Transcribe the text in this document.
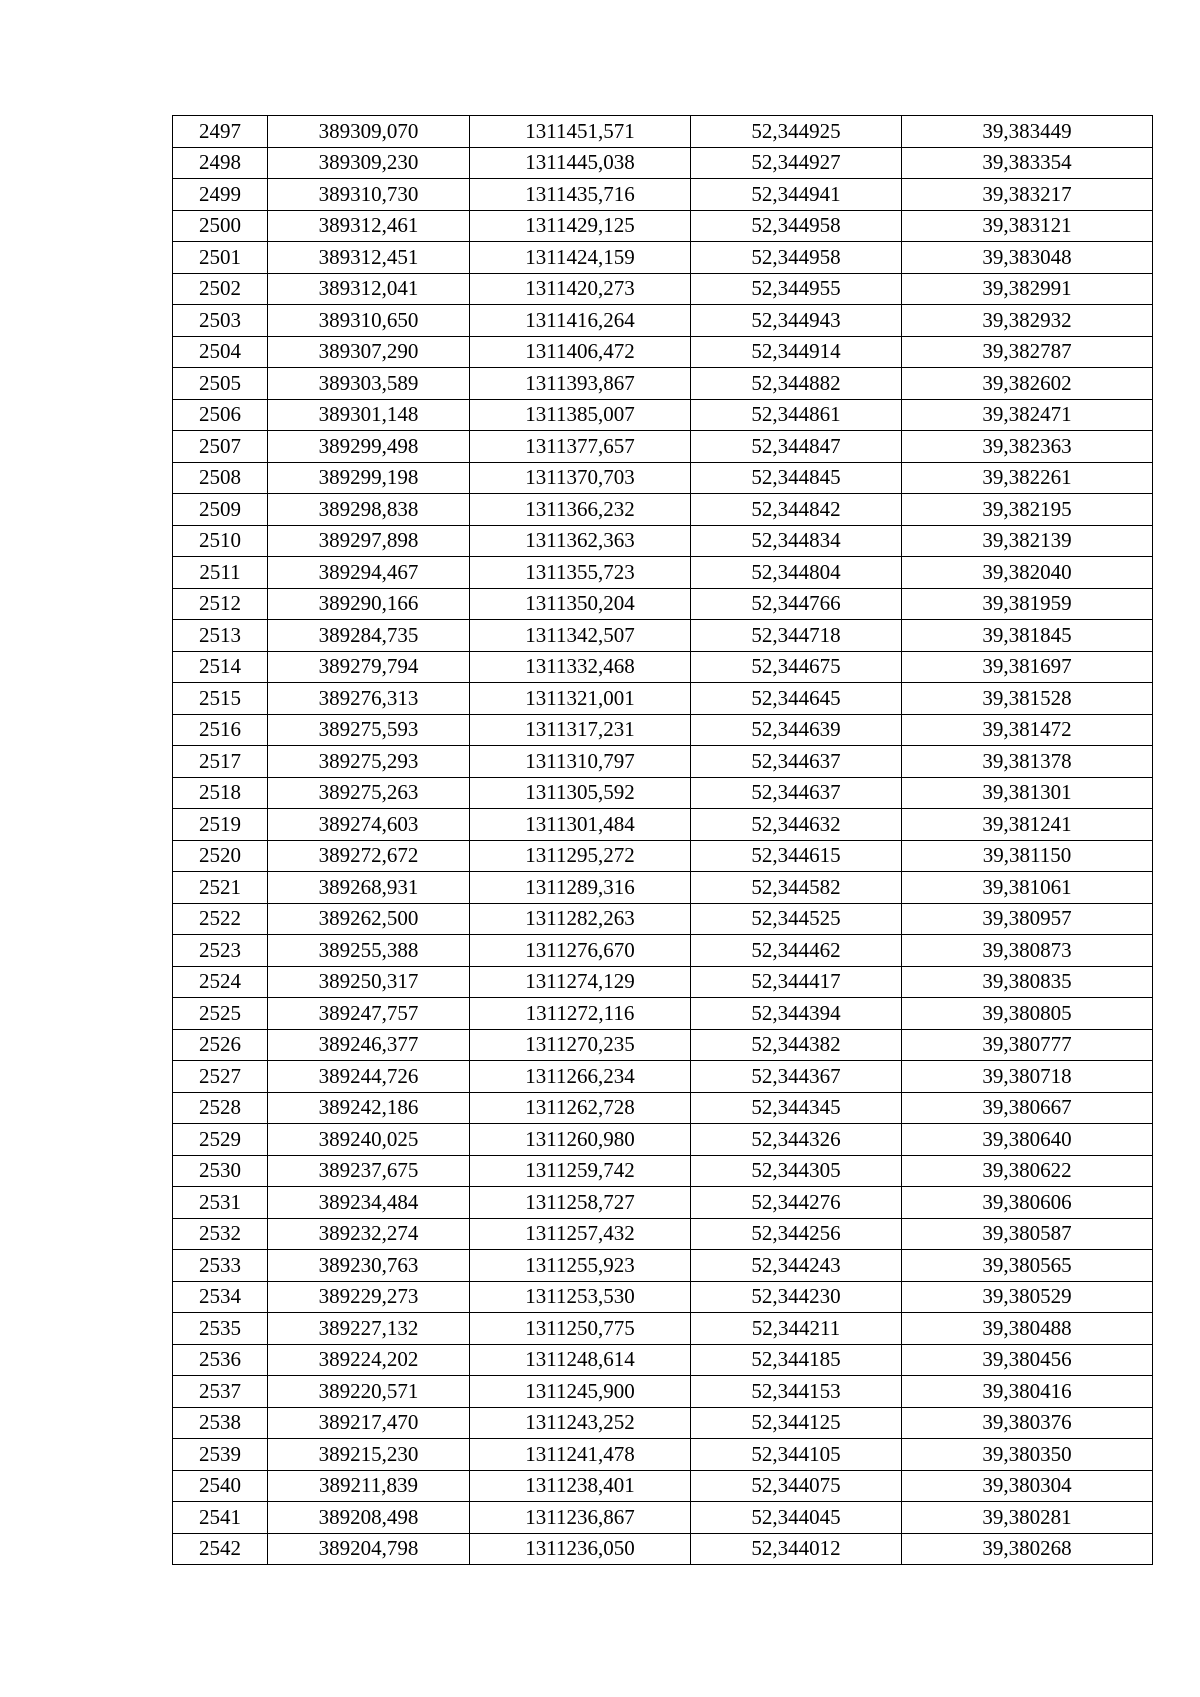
2497	389309,070	1311451,571	52,344925	39,383449
2498	389309,230	1311445,038	52,344927	39,383354
2499	389310,730	1311435,716	52,344941	39,383217
2500	389312,461	1311429,125	52,344958	39,383121
2501	389312,451	1311424,159	52,344958	39,383048
2502	389312,041	1311420,273	52,344955	39,382991
2503	389310,650	1311416,264	52,344943	39,382932
2504	389307,290	1311406,472	52,344914	39,382787
2505	389303,589	1311393,867	52,344882	39,382602
2506	389301,148	1311385,007	52,344861	39,382471
2507	389299,498	1311377,657	52,344847	39,382363
2508	389299,198	1311370,703	52,344845	39,382261
2509	389298,838	1311366,232	52,344842	39,382195
2510	389297,898	1311362,363	52,344834	39,382139
2511	389294,467	1311355,723	52,344804	39,382040
2512	389290,166	1311350,204	52,344766	39,381959
2513	389284,735	1311342,507	52,344718	39,381845
2514	389279,794	1311332,468	52,344675	39,381697
2515	389276,313	1311321,001	52,344645	39,381528
2516	389275,593	1311317,231	52,344639	39,381472
2517	389275,293	1311310,797	52,344637	39,381378
2518	389275,263	1311305,592	52,344637	39,381301
2519	389274,603	1311301,484	52,344632	39,381241
2520	389272,672	1311295,272	52,344615	39,381150
2521	389268,931	1311289,316	52,344582	39,381061
2522	389262,500	1311282,263	52,344525	39,380957
2523	389255,388	1311276,670	52,344462	39,380873
2524	389250,317	1311274,129	52,344417	39,380835
2525	389247,757	1311272,116	52,344394	39,380805
2526	389246,377	1311270,235	52,344382	39,380777
2527	389244,726	1311266,234	52,344367	39,380718
2528	389242,186	1311262,728	52,344345	39,380667
2529	389240,025	1311260,980	52,344326	39,380640
2530	389237,675	1311259,742	52,344305	39,380622
2531	389234,484	1311258,727	52,344276	39,380606
2532	389232,274	1311257,432	52,344256	39,380587
2533	389230,763	1311255,923	52,344243	39,380565
2534	389229,273	1311253,530	52,344230	39,380529
2535	389227,132	1311250,775	52,344211	39,380488
2536	389224,202	1311248,614	52,344185	39,380456
2537	389220,571	1311245,900	52,344153	39,380416
2538	389217,470	1311243,252	52,344125	39,380376
2539	389215,230	1311241,478	52,344105	39,380350
2540	389211,839	1311238,401	52,344075	39,380304
2541	389208,498	1311236,867	52,344045	39,380281
2542	389204,798	1311236,050	52,344012	39,380268
